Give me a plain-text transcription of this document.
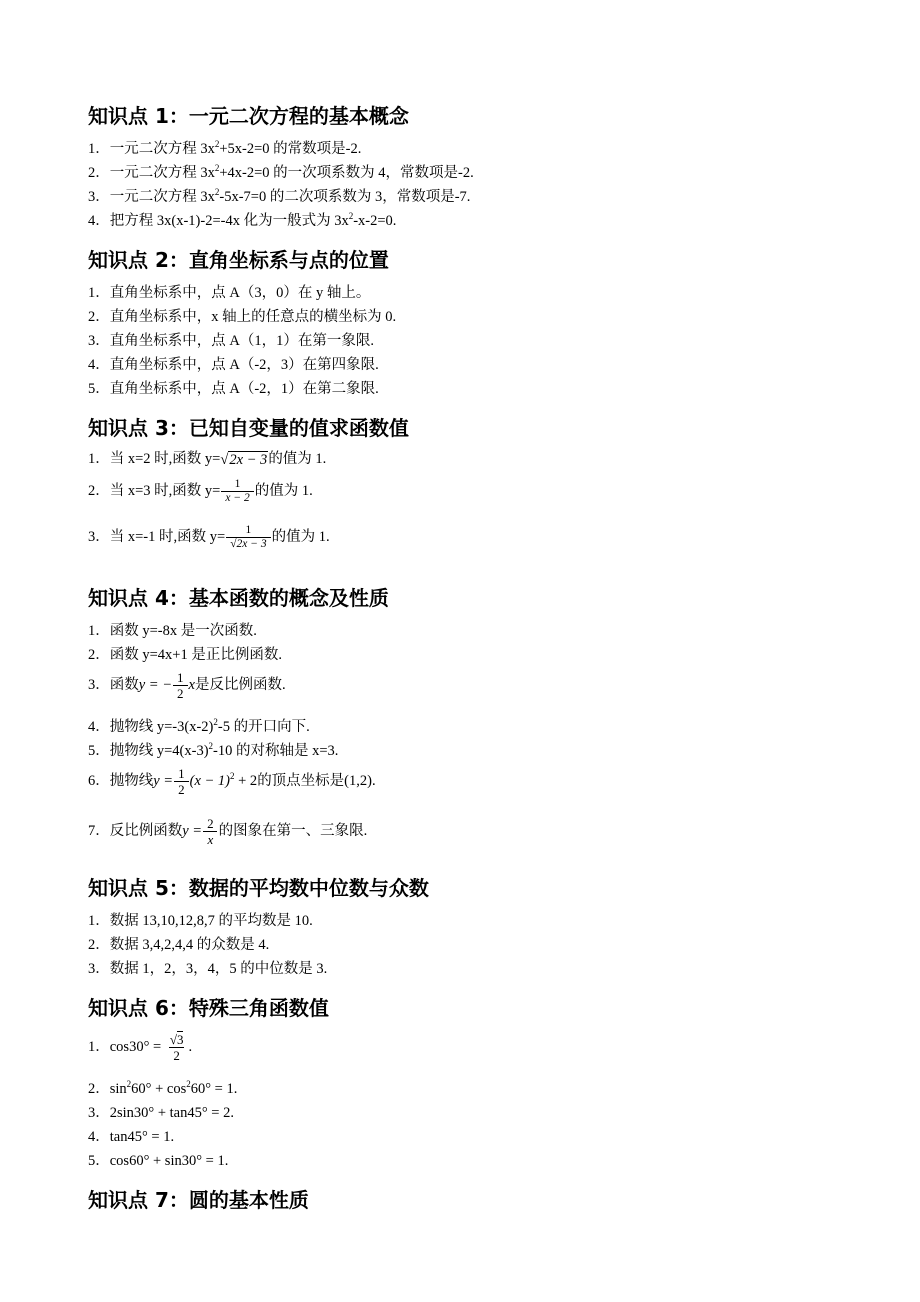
知识点 1：一元二次方程的基本概念
1．一元二次方程 $3x^2+5x-2=0$ 的常数项是-2.
2．一元二次方程 $3x^2+4x-2=0$ 的一次项系数为 4，常数项是-2.
3．一元二次方程 $3x^2-5x-7=0$ 的二次项系数为 3，常数项是-7.
4．把方程 3x(x-1)-2=-4x 化为一般式为 $3x^2-x-2=0$.
知识点 2：直角坐标系与点的位置
1．直角坐标系中，点 A（3，0）在 y 轴上。
2．直角坐标系中，x 轴上的任意点的横坐标为 0.
3．直角坐标系中，点 A（1，1）在第一象限.
4．直角坐标系中，点 A（-2，3）在第四象限.
5．直角坐标系中，点 A（-2，1）在第二象限.
知识点 3：已知自变量的值求函数值
1．当 x=2 时,函数 y=√2x − 3的值为 1.
2．当 x=3 时,函数 $y= \frac{1}{x - 2}$ 的值为 1.
3．当 x=-1 时,函数 $y= \frac{1}{√2x - 3}$ 的值为 1.
知识点 4：基本函数的概念及性质
1．函数 y=-8x 是一次函数.
2．函数 y=4x+1 是正比例函数.
3．函数y = − $\frac{1}{2}$ x是反比例函数.
4．抛物线 $y=-3(x-2)^2-5$ 的开口向下.
5．抛物线 $y=4(x-3)^2-10$ 的对称轴是 x=3.
6．抛物线$y = \frac{1}{2} (x - 1)^2 + 2$的顶点坐标是(1,2).
7．反比例函数$y = \frac{2}{x}$ 的图象在第一、三象限.
知识点 5：数据的平均数中位数与众数
1．数据 13,10,12,8,7 的平均数是 10.
2．数据 3,4,2,4,4 的众数是 4.
3．数据 1，2，3，4，5 的中位数是 3.
知识点 6：特殊三角函数值
1．$\cos 30^\circ = \frac{√3}{2}$ .
2．$\sin^260^\circ + \cos^260^\circ = 1$.
3．2sin30° + tan45° = 2.
4．tan45° = 1.
5．cos60° + sin30° = 1.
知识点 7：圆的基本性质
